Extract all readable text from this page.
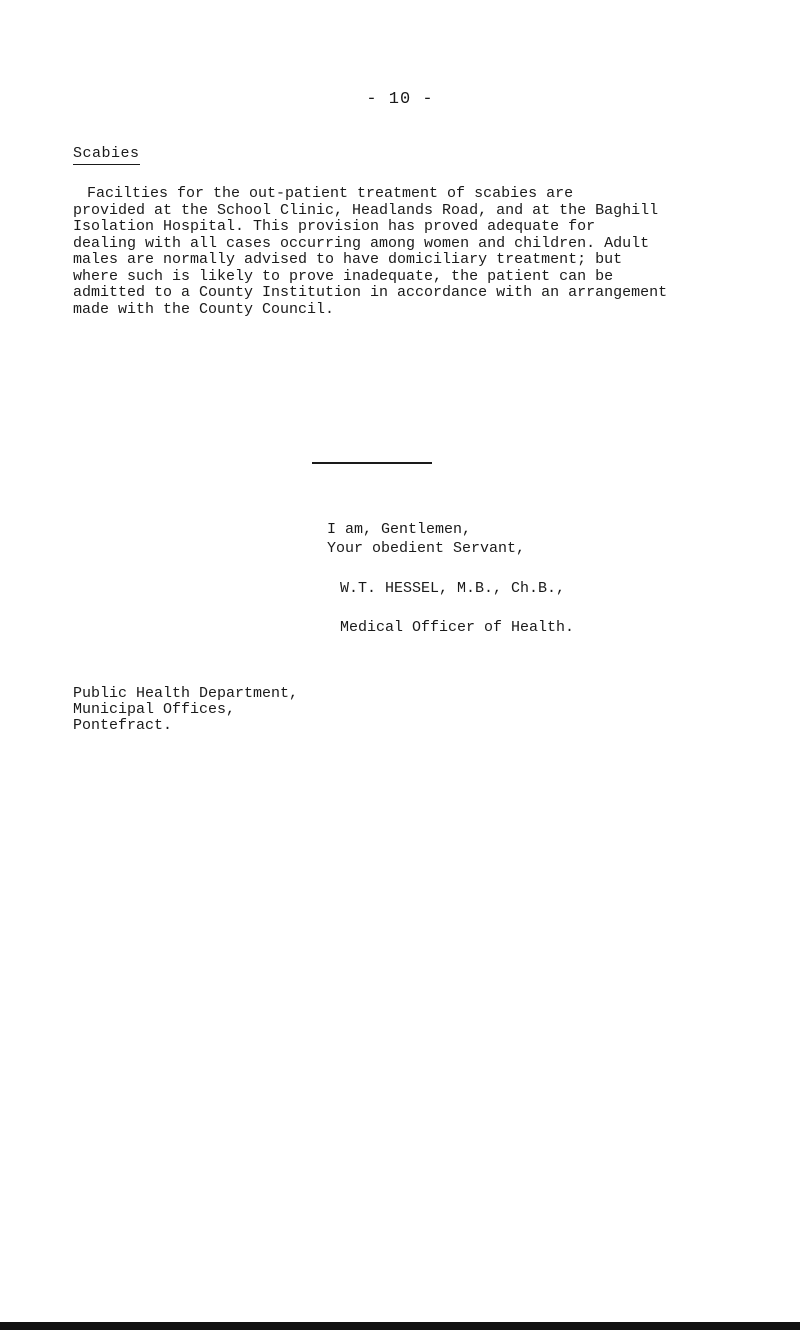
- 10 -
Scabies
Facilties for the out-patient treatment of scabies are
provided at the School Clinic, Headlands Road, and at the Baghill
Isolation Hospital. This provision has proved adequate for
dealing with all cases occurring among women and children. Adult
males are normally advised to have domiciliary treatment; but
where such is likely to prove inadequate, the patient can be
admitted to a County Institution in accordance with an arrangement
made with the County Council.
I am, Gentlemen,
Your obedient Servant,
W.T. HESSEL, M.B., Ch.B.,
Medical Officer of Health.
Public Health Department,
Municipal Offices,
Pontefract.
